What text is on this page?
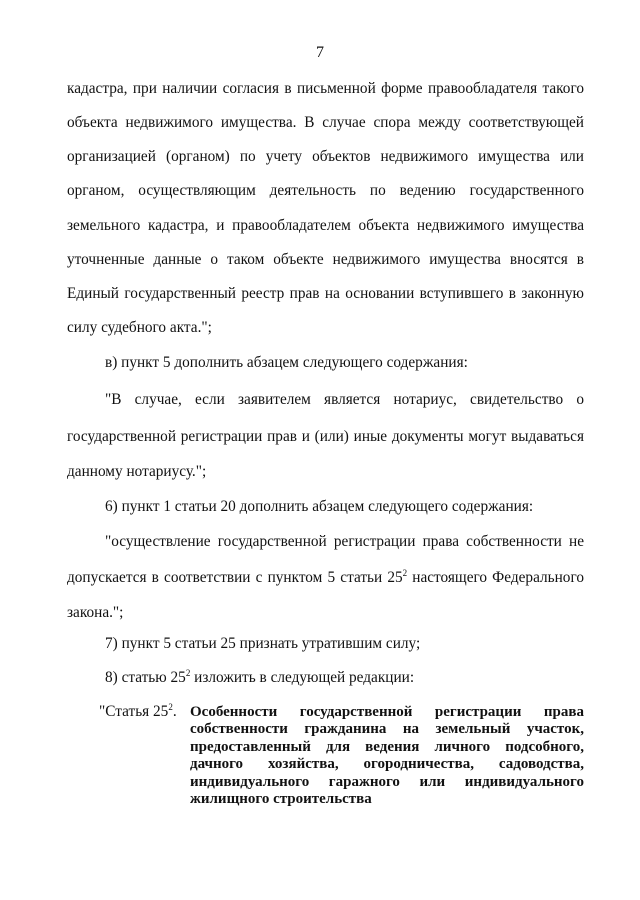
7
кадастра, при наличии согласия в письменной форме правообладателя такого
объекта недвижимого имущества. В случае спора между соответствующей
организацией (органом) по учету объектов недвижимого имущества или
органом, осуществляющим деятельность по ведению государственного
земельного кадастра, и правообладателем объекта недвижимого имущества
уточненные данные о таком объекте недвижимого имущества вносятся в
Единый государственный реестр прав на основании вступившего в законную
силу судебного акта.";
в) пункт 5 дополнить абзацем следующего содержания:
"В случае, если заявителем является нотариус, свидетельство о
государственной регистрации прав и (или) иные документы могут выдаваться
данному нотариусу.";
6) пункт 1 статьи 20 дополнить абзацем следующего содержания:
"осуществление государственной регистрации права собственности не
допускается в соответствии с пунктом 5 статьи $25^2$ настоящего Федерального
закона.";
7) пункт 5 статьи 25 признать утратившим силу;
8) статью $25^2$ изложить в следующей редакции:
"Статья $25^2$. Особенности государственной регистрации права
собственности гражданина на земельный участок,
предоставленный для ведения личного подсобного,
дачного хозяйства, огородничества, садоводства,
индивидуального гаражного или индивидуального
жилищного строительства
